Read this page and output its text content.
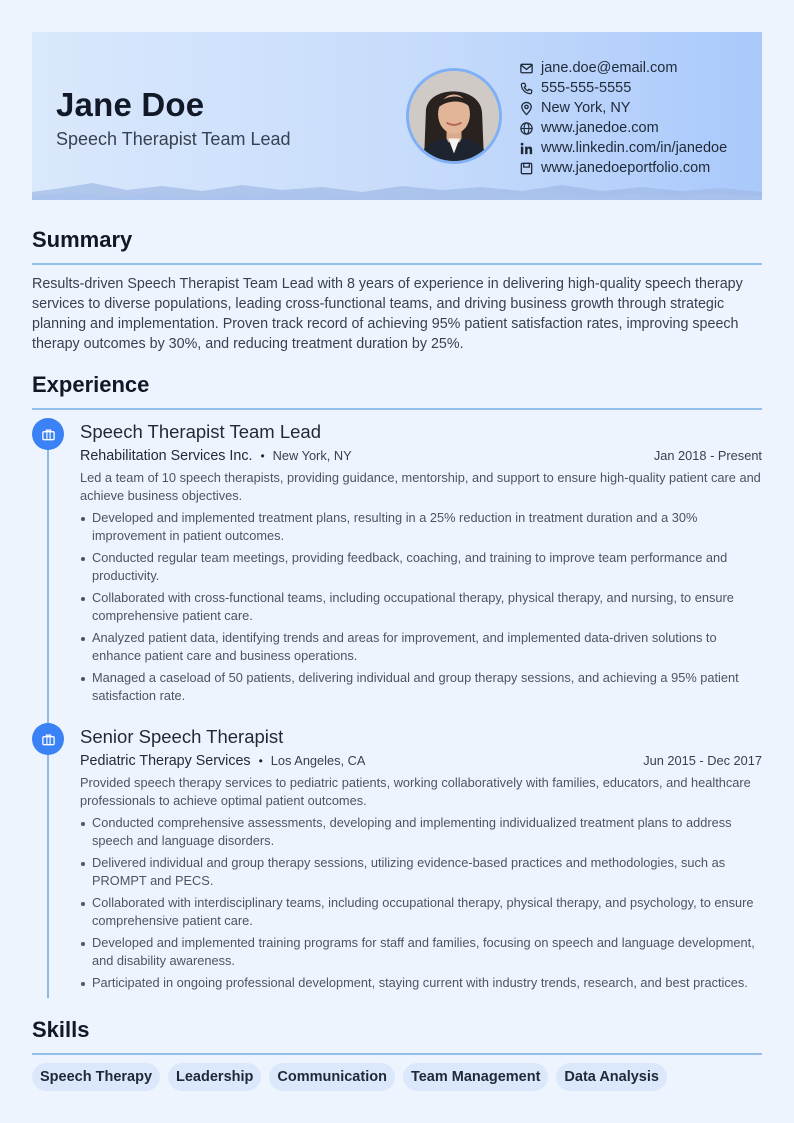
Jane Doe
Speech Therapist Team Lead
jane.doe@email.com
555-555-5555
New York, NY
www.janedoe.com
www.linkedin.com/in/janedoe
www.janedoeportfolio.com
Summary
Results-driven Speech Therapist Team Lead with 8 years of experience in delivering high-quality speech therapy services to diverse populations, leading cross-functional teams, and driving business growth through strategic planning and implementation. Proven track record of achieving 95% patient satisfaction rates, improving speech therapy outcomes by 30%, and reducing treatment duration by 25%.
Experience
Speech Therapist Team Lead
Rehabilitation Services Inc. • New York, NY	Jan 2018 - Present
Led a team of 10 speech therapists, providing guidance, mentorship, and support to ensure high-quality patient care and achieve business objectives.
Developed and implemented treatment plans, resulting in a 25% reduction in treatment duration and a 30% improvement in patient outcomes.
Conducted regular team meetings, providing feedback, coaching, and training to improve team performance and productivity.
Collaborated with cross-functional teams, including occupational therapy, physical therapy, and nursing, to ensure comprehensive patient care.
Analyzed patient data, identifying trends and areas for improvement, and implemented data-driven solutions to enhance patient care and business operations.
Managed a caseload of 50 patients, delivering individual and group therapy sessions, and achieving a 95% patient satisfaction rate.
Senior Speech Therapist
Pediatric Therapy Services • Los Angeles, CA	Jun 2015 - Dec 2017
Provided speech therapy services to pediatric patients, working collaboratively with families, educators, and healthcare professionals to achieve optimal patient outcomes.
Conducted comprehensive assessments, developing and implementing individualized treatment plans to address speech and language disorders.
Delivered individual and group therapy sessions, utilizing evidence-based practices and methodologies, such as PROMPT and PECS.
Collaborated with interdisciplinary teams, including occupational therapy, physical therapy, and psychology, to ensure comprehensive patient care.
Developed and implemented training programs for staff and families, focusing on speech and language development, and disability awareness.
Participated in ongoing professional development, staying current with industry trends, research, and best practices.
Skills
Speech Therapy	Leadership	Communication	Team Management	Data Analysis
